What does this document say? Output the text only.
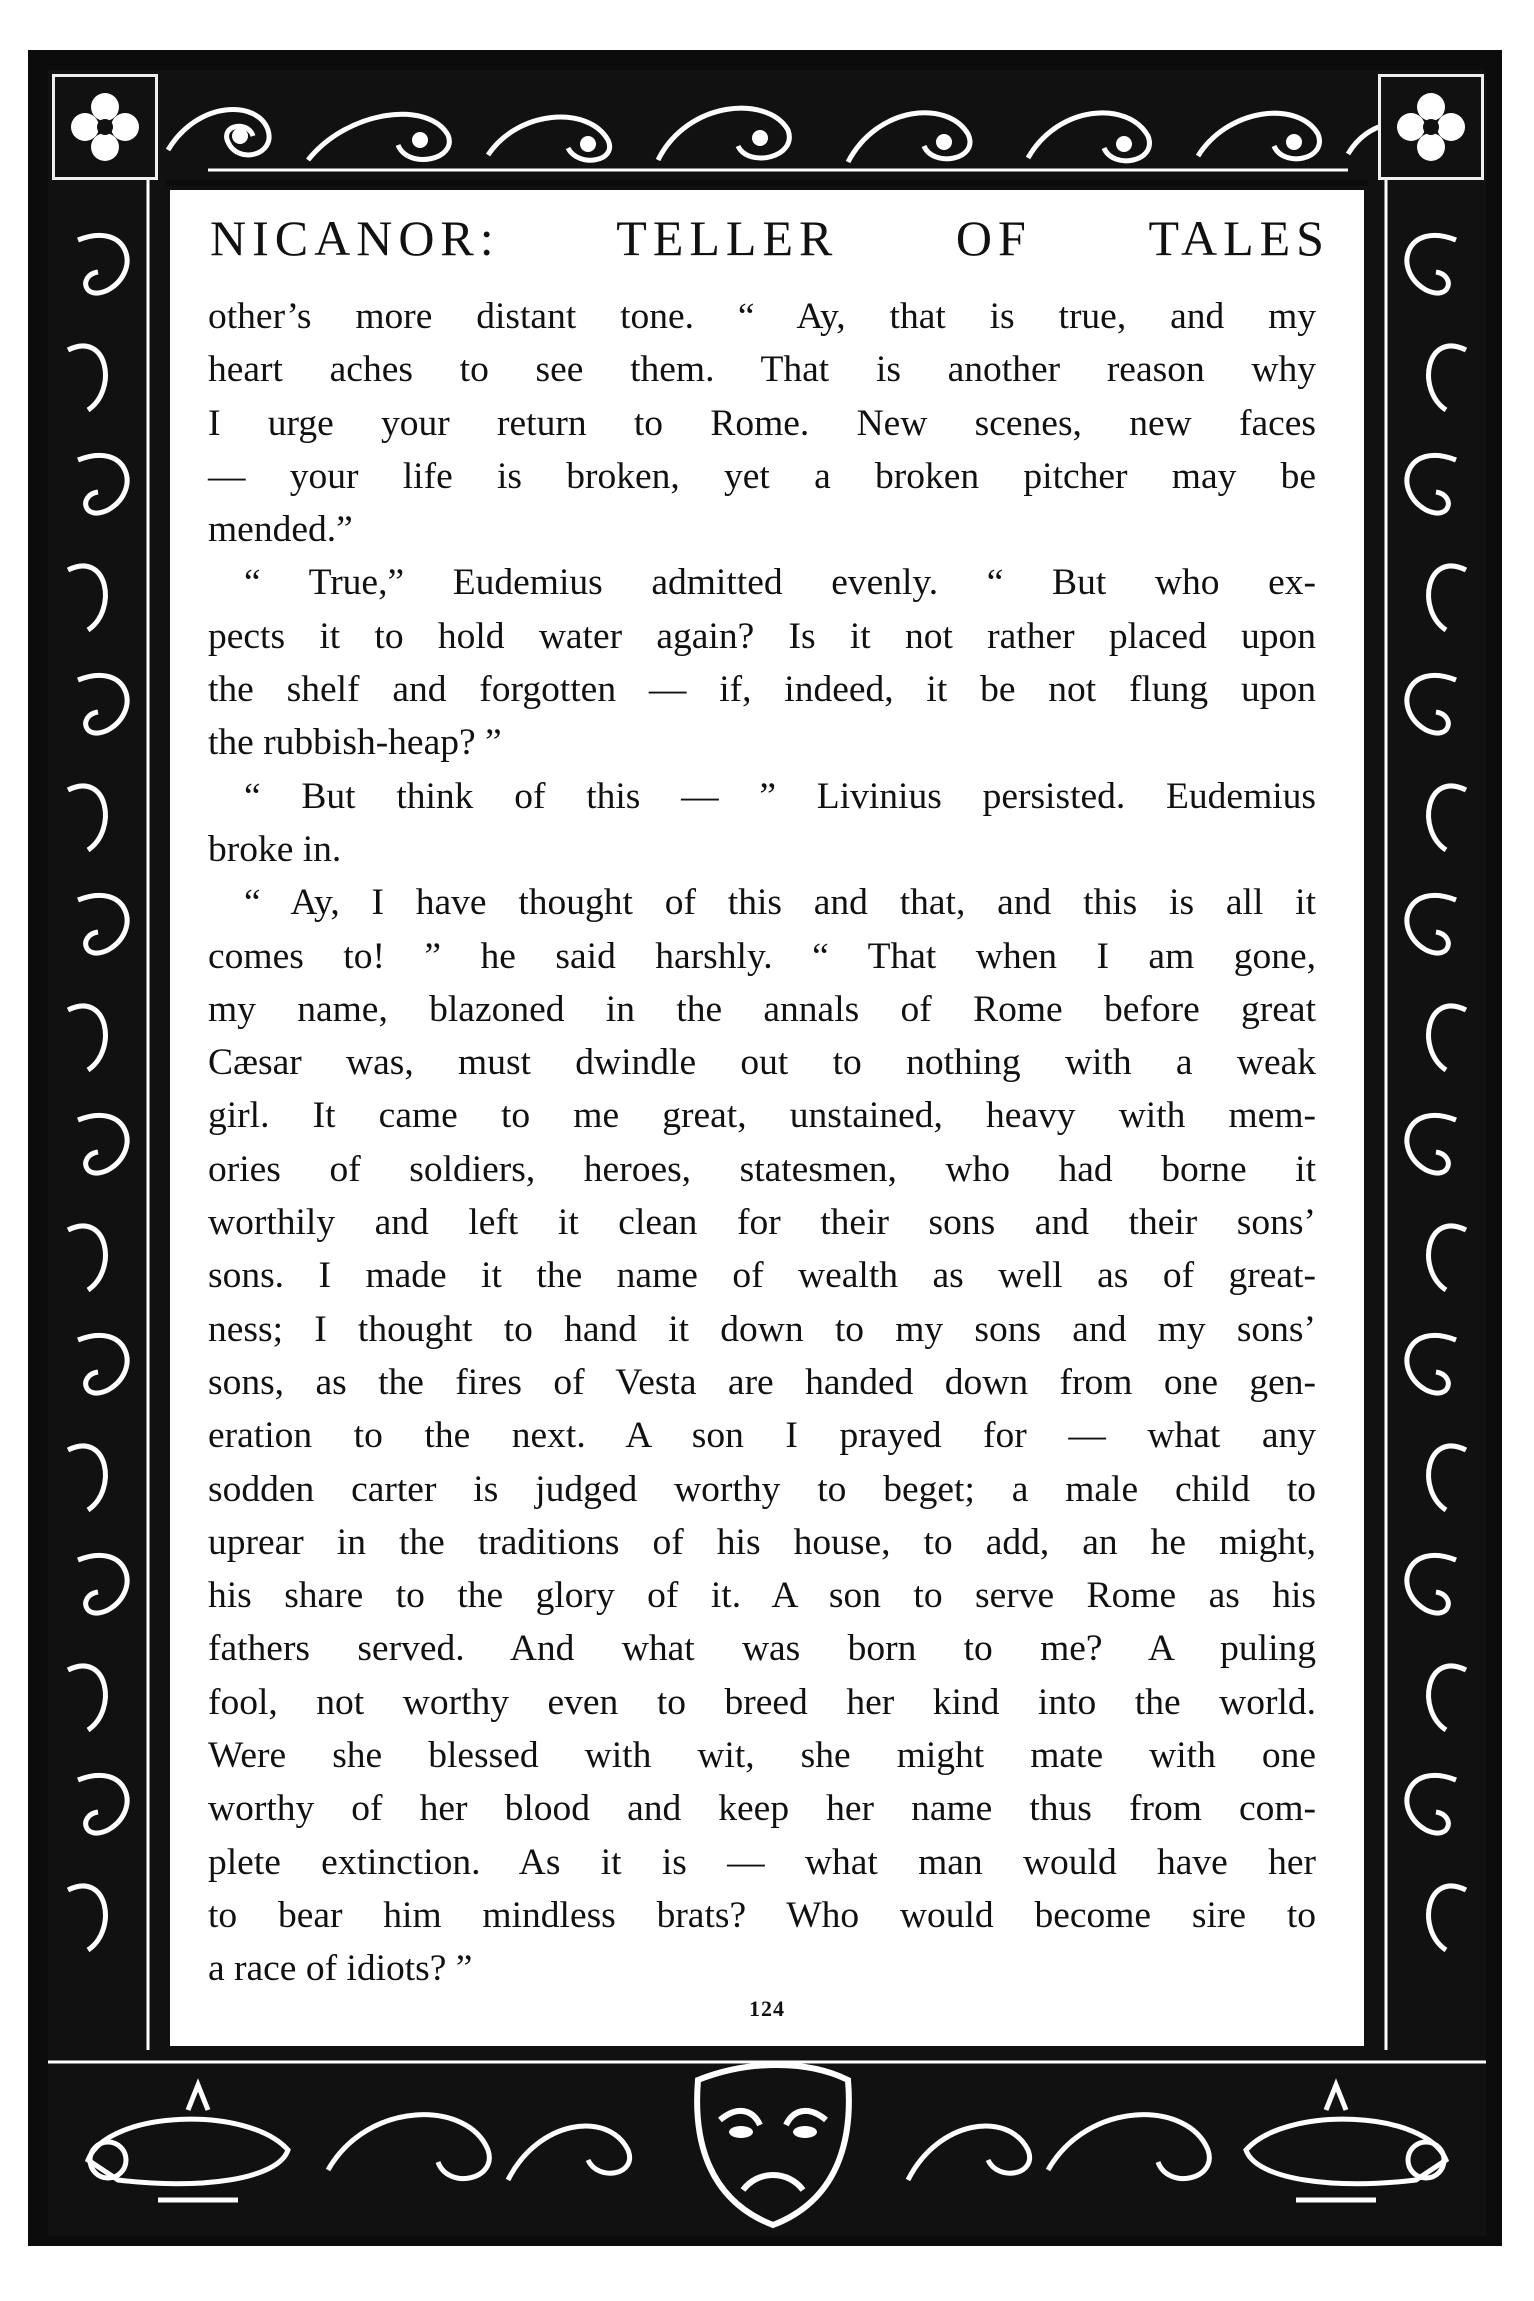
NICANOR: TELLER OF TALES
other’s more distant tone. “ Ay, that is true, and my
heart aches to see them. That is another reason why
I urge your return to Rome. New scenes, new faces
— your life is broken, yet a broken pitcher may be
mended.”
“ True,” Eudemius admitted evenly. “ But who ex-
pects it to hold water again? Is it not rather placed upon
the shelf and forgotten — if, indeed, it be not flung upon
the rubbish-heap? ”
“ But think of this — ” Livinius persisted. Eudemius
broke in.
“ Ay, I have thought of this and that, and this is all it
comes to! ” he said harshly. “ That when I am gone,
my name, blazoned in the annals of Rome before great
Cæsar was, must dwindle out to nothing with a weak
girl. It came to me great, unstained, heavy with mem-
ories of soldiers, heroes, statesmen, who had borne it
worthily and left it clean for their sons and their sons’
sons. I made it the name of wealth as well as of great-
ness; I thought to hand it down to my sons and my sons’
sons, as the fires of Vesta are handed down from one gen-
eration to the next. A son I prayed for — what any
sodden carter is judged worthy to beget; a male child to
uprear in the traditions of his house, to add, an he might,
his share to the glory of it. A son to serve Rome as his
fathers served. And what was born to me? A puling
fool, not worthy even to breed her kind into the world.
Were she blessed with wit, she might mate with one
worthy of her blood and keep her name thus from com-
plete extinction. As it is — what man would have her
to bear him mindless brats? Who would become sire to
a race of idiots? ”
124
